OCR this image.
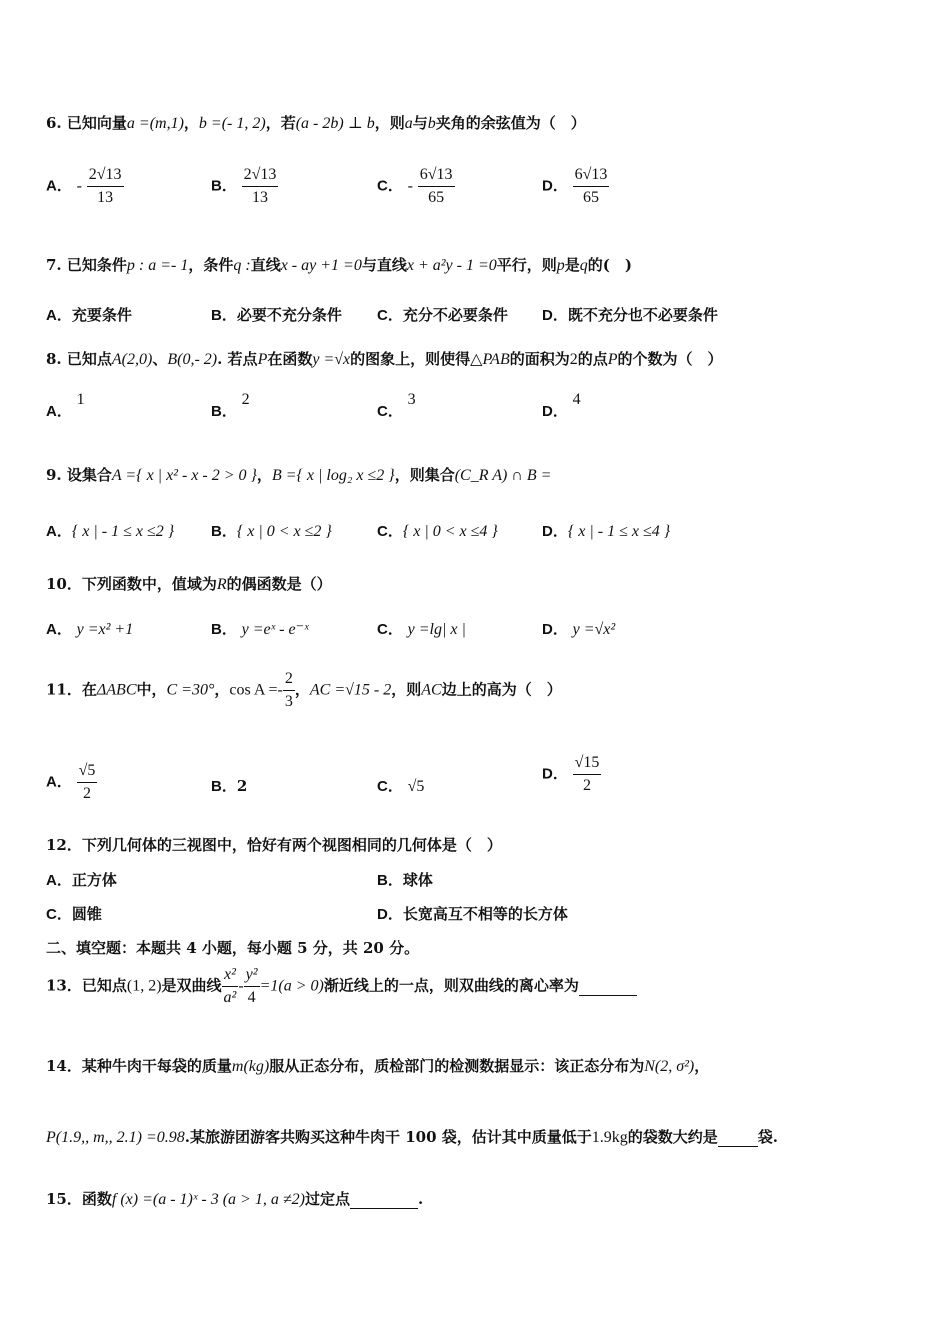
6. 已知向量a =(m,1)，b =(- 1, 2)，若(a - 2b) ⊥ b，则a与b夹角的余弦值为（　）
A． - $\frac{2√13}{13}$	B． $\frac{2√13}{13}$	C． - $\frac{6√13}{65}$	D． $\frac{6√13}{65}$
7. 已知条件p : a =- 1，条件q :直线x - ay +1 =0与直线x + a²y - 1 =0平行，则p是q的(　)
A．充要条件	B．必要不充分条件 C．充分不必要条件 D．既不充分也不必要条件
8. 已知点A(2,0)、B(0,- 2). 若点P在函数y =√x的图象上，则使得△PAB的面积为2的点P的个数为（　）
A． 1
B． 2
C． 3
D． 4
9. 设集合A ={ x | x² - x - 2 > 0 }，B ={ x | log₂ x ≤2 }，则集合(C_R A) ∩ B =
A．{ x | - 1 ≤ x ≤2 } B．{ x | 0 < x ≤2 }	C．{ x | 0 < x ≤4 }	D．{ x | - 1 ≤ x ≤4 }
10．下列函数中，值域为R的偶函数是（）
A． y =x² +1	B． y =eˣ - e⁻ˣ	C． y =lg| x |	D． y =√x²
11．在ΔABC中，C =30°，$\cos A =- \frac{2}{3}$ ，AC =√15 - 2，则AC边上的高为（　）
A． $\frac{√5}{2}$	B．2	C． √5
D． $\frac{√15}{2}$
12．下列几何体的三视图中，恰好有两个视图相同的几何体是（　）
A．正方体	B．球体
C．圆锥	D．长宽高互不相等的长方体
二、填空题：本题共 4 小题，每小题 5 分，共 20 分。
13．已知点(1, 2)是双曲线 $\frac{\text{x²}}{\text{a²}} - \frac{\text{y²}}{4} =1(a > 0)$渐近线上的一点，则双曲线的离心率为
14．某种牛肉干每袋的质量m(kg)服从正态分布，质检部门的检测数据显示：该正态分布为N(2, σ²)，
P(1.9,, m,, 2.1) =0.98.某旅游团游客共购买这种牛肉干 100 袋，估计其中质量低于1.9kg的袋数大约是	袋.
15．函数f (x) =(a - 1)ˣ - 3 (a > 1, a ≠2)过定点	.
